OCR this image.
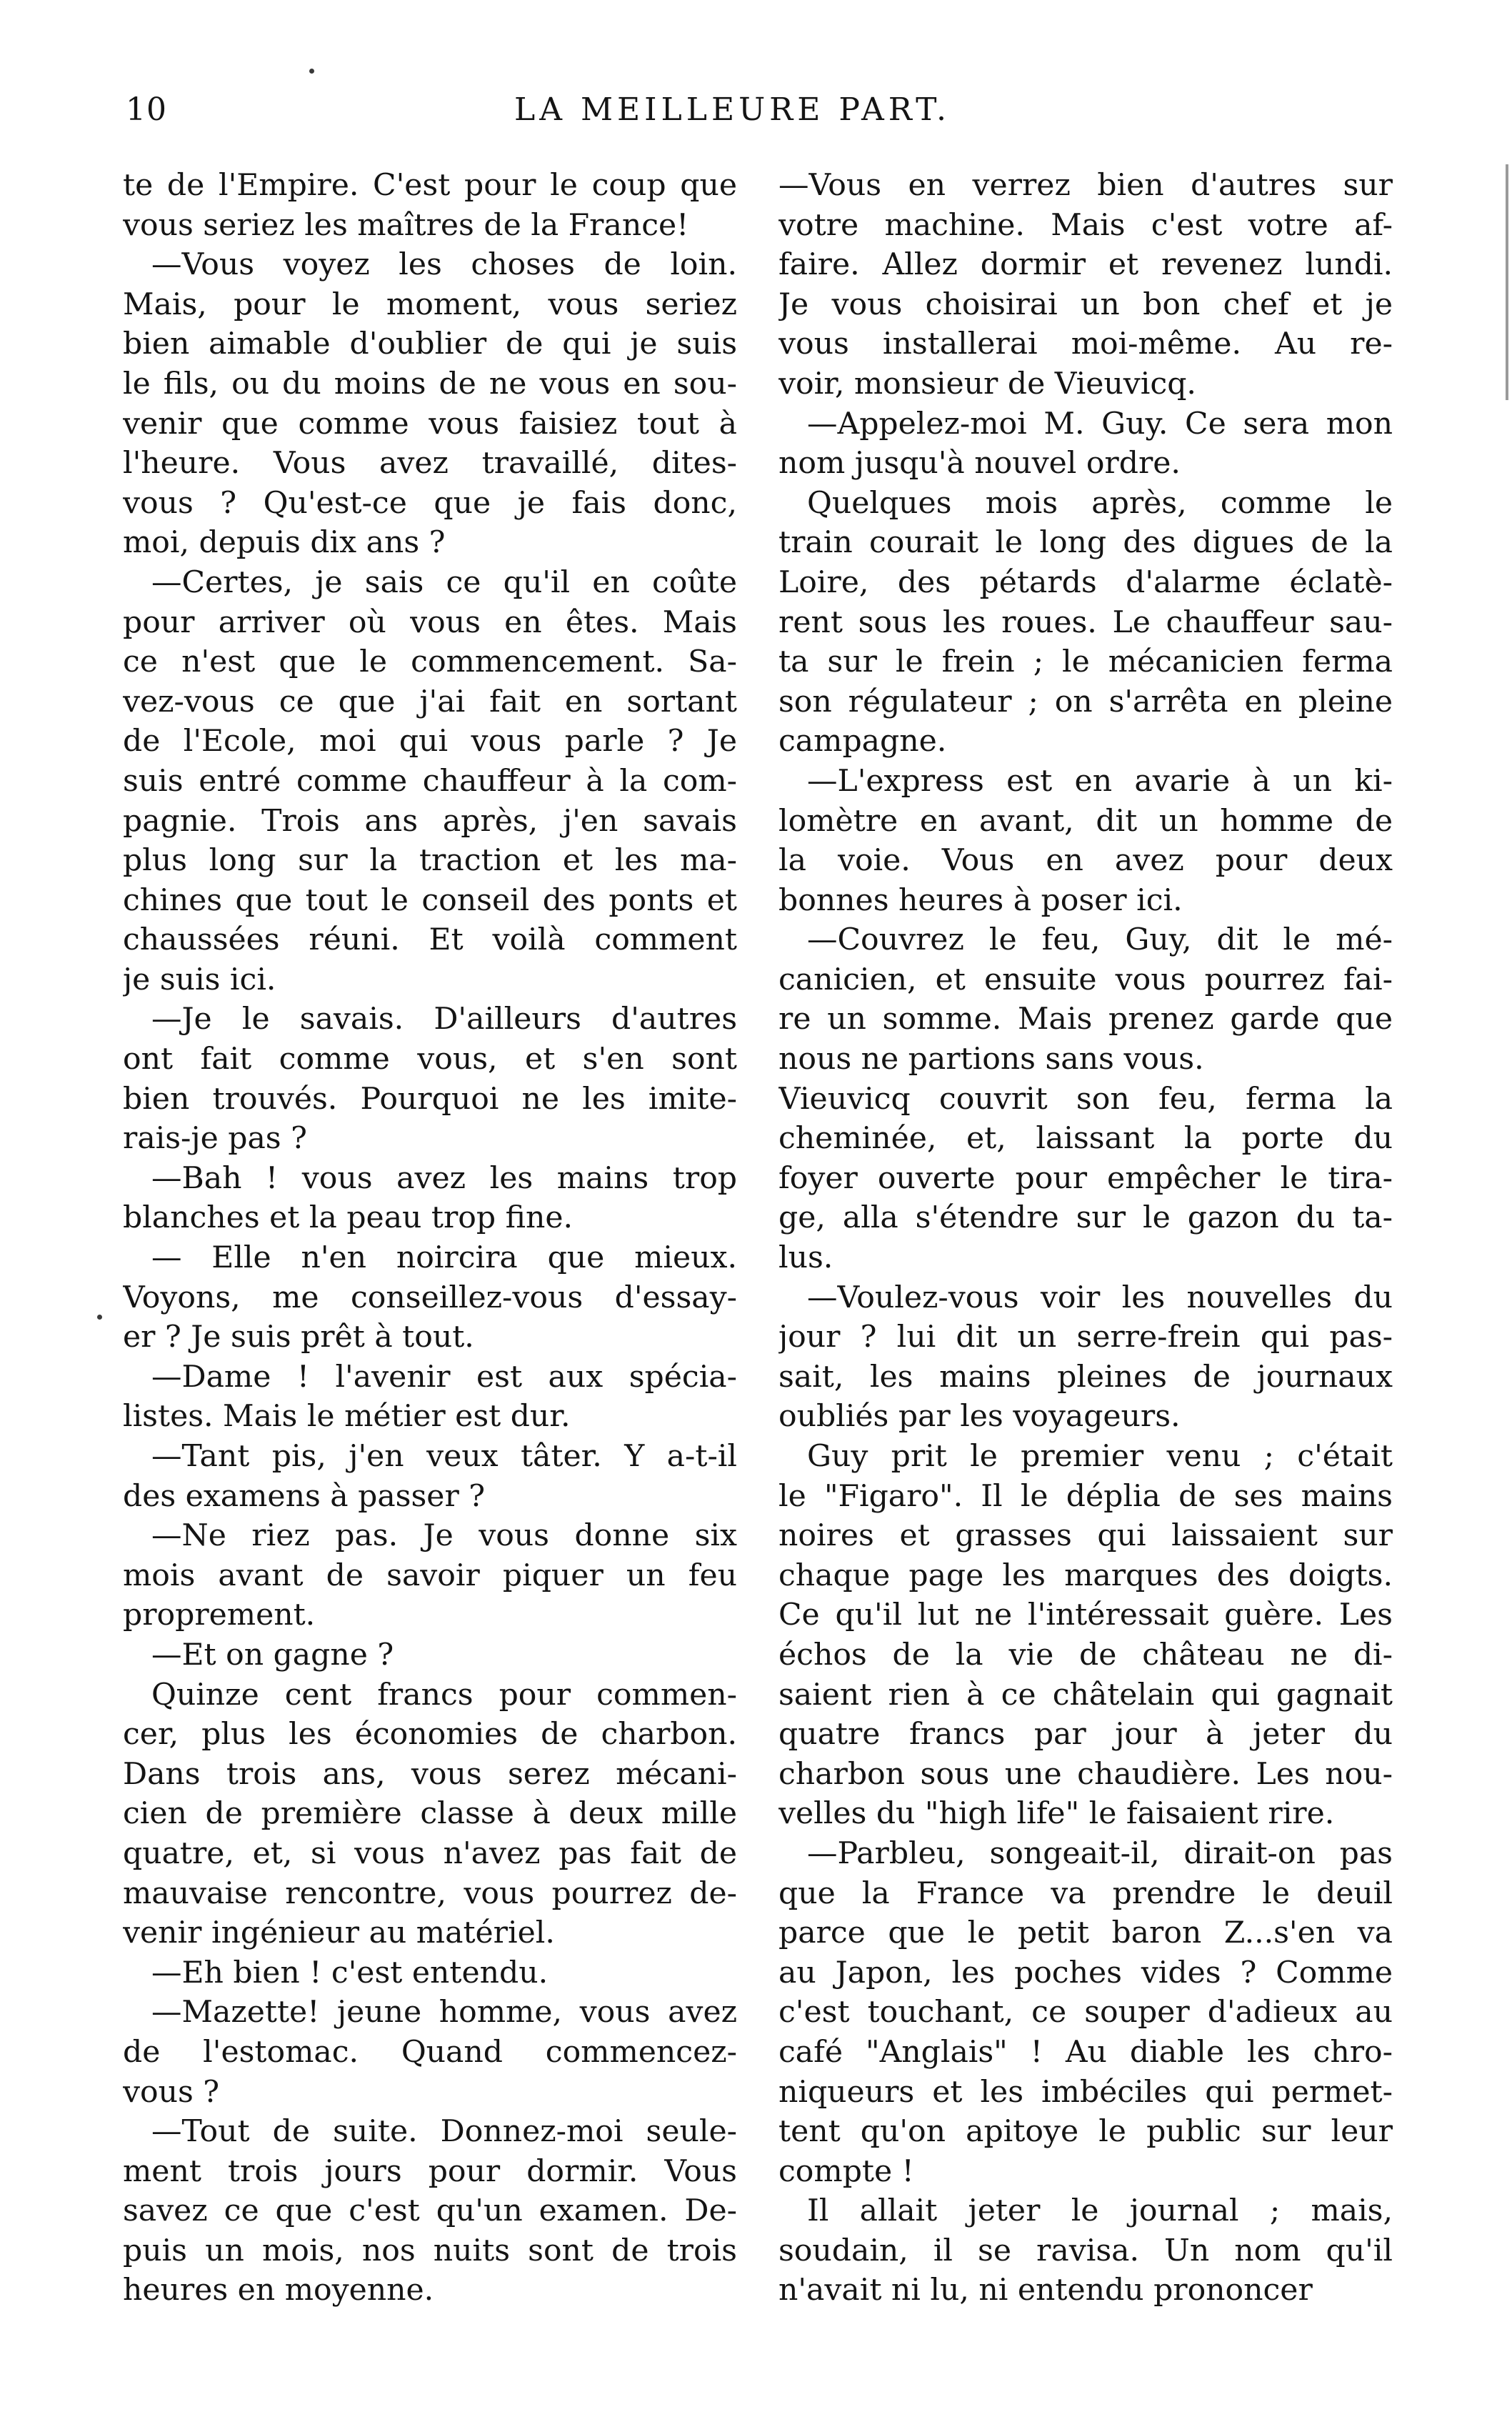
10	LA MEILLEURE PART.
te de l'Empire. C'est pour le coup que
vous seriez les maîtres de la France!
—Vous voyez les choses de loin.
Mais, pour le moment, vous seriez
bien aimable d'oublier de qui je suis
le fils, ou du moins de ne vous en sou-
venir que comme vous faisiez tout à
l'heure. Vous avez travaillé, dites-
vous ? Qu'est-ce que je fais donc,
moi, depuis dix ans ?
—Certes, je sais ce qu'il en coûte
pour arriver où vous en êtes. Mais
ce n'est que le commencement. Sa-
vez-vous ce que j'ai fait en sortant
de l'Ecole, moi qui vous parle ? Je
suis entré comme chauffeur à la com-
pagnie. Trois ans après, j'en savais
plus long sur la traction et les ma-
chines que tout le conseil des ponts et
chaussées réuni. Et voilà comment
je suis ici.
—Je le savais. D'ailleurs d'autres
ont fait comme vous, et s'en sont
bien trouvés. Pourquoi ne les imite-
rais-je pas ?
—Bah ! vous avez les mains trop
blanches et la peau trop fine.
— Elle n'en noircira que mieux.
Voyons, me conseillez-vous d'essay-
er ? Je suis prêt à tout.
—Dame ! l'avenir est aux spécia-
listes. Mais le métier est dur.
—Tant pis, j'en veux tâter. Y a-t-il
des examens à passer ?
—Ne riez pas. Je vous donne six
mois avant de savoir piquer un feu
proprement.
—Et on gagne ?
Quinze cent francs pour commen-
cer, plus les économies de charbon.
Dans trois ans, vous serez mécani-
cien de première classe à deux mille
quatre, et, si vous n'avez pas fait de
mauvaise rencontre, vous pourrez de-
venir ingénieur au matériel.
—Eh bien ! c'est entendu.
—Mazette! jeune homme, vous avez
de l'estomac. Quand commencez-
vous ?
—Tout de suite. Donnez-moi seule-
ment trois jours pour dormir. Vous
savez ce que c'est qu'un examen. De-
puis un mois, nos nuits sont de trois
heures en moyenne.
—Vous en verrez bien d'autres sur
votre machine. Mais c'est votre af-
faire. Allez dormir et revenez lundi.
Je vous choisirai un bon chef et je
vous installerai moi-même. Au re-
voir, monsieur de Vieuvicq.
—Appelez-moi M. Guy. Ce sera mon
nom jusqu'à nouvel ordre.
Quelques mois après, comme le
train courait le long des digues de la
Loire, des pétards d'alarme éclatè-
rent sous les roues. Le chauffeur sau-
ta sur le frein ; le mécanicien ferma
son régulateur ; on s'arrêta en pleine
campagne.
—L'express est en avarie à un ki-
lomètre en avant, dit un homme de
la voie. Vous en avez pour deux
bonnes heures à poser ici.
—Couvrez le feu, Guy, dit le mé-
canicien, et ensuite vous pourrez fai-
re un somme. Mais prenez garde que
nous ne partions sans vous.
Vieuvicq couvrit son feu, ferma la
cheminée, et, laissant la porte du
foyer ouverte pour empêcher le tira-
ge, alla s'étendre sur le gazon du ta-
lus.
—Voulez-vous voir les nouvelles du
jour ? lui dit un serre-frein qui pas-
sait, les mains pleines de journaux
oubliés par les voyageurs.
Guy prit le premier venu ; c'était
le "Figaro". Il le déplia de ses mains
noires et grasses qui laissaient sur
chaque page les marques des doigts.
Ce qu'il lut ne l'intéressait guère. Les
échos de la vie de château ne di-
saient rien à ce châtelain qui gagnait
quatre francs par jour à jeter du
charbon sous une chaudière. Les nou-
velles du "high life" le faisaient rire.
—Parbleu, songeait-il, dirait-on pas
que la France va prendre le deuil
parce que le petit baron Z...s'en va
au Japon, les poches vides ? Comme
c'est touchant, ce souper d'adieux au
café "Anglais" ! Au diable les chro-
niqueurs et les imbéciles qui permet-
tent qu'on apitoye le public sur leur
compte !
Il allait jeter le journal ; mais,
soudain, il se ravisa. Un nom qu'il
n'avait ni lu, ni entendu prononcer
